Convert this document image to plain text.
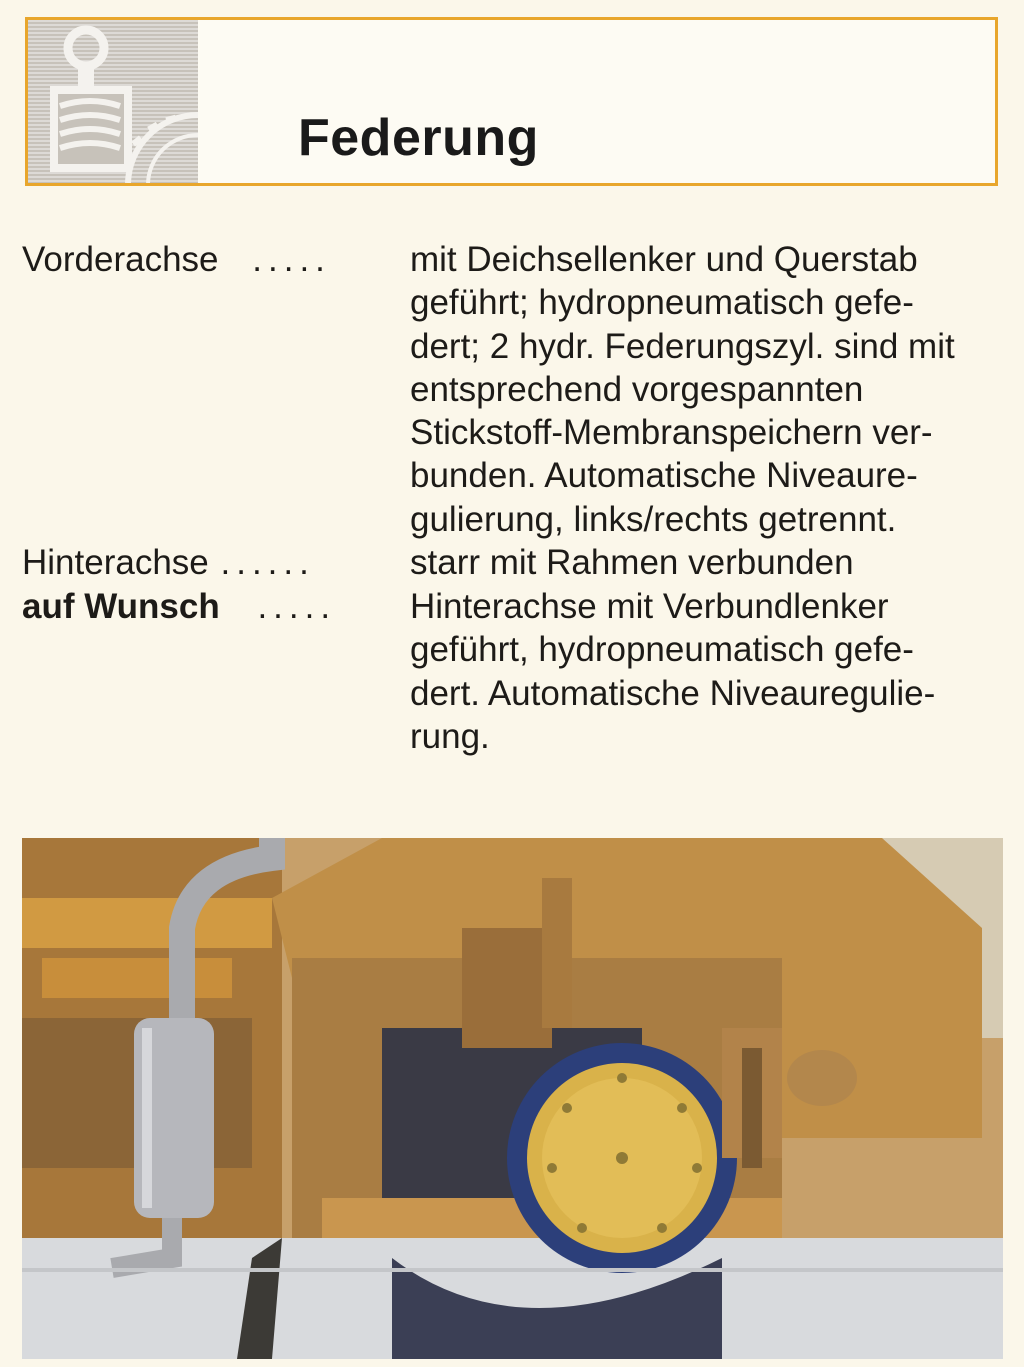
Federung
Vorderachse .....	mit Deichsellenker und Querstab
geführt; hydropneumatisch gefe-
dert; 2 hydr. Federungszyl. sind mit
entsprechend vorgespannten
Stickstoff-Membranspeichern ver-
bunden. Automatische Niveaure-
gulierung, links/rechts getrennt.
Hinterachse ......	starr mit Rahmen verbunden
auf Wunsch .....	Hinterachse mit Verbundlenker
geführt, hydropneumatisch gefe-
dert. Automatische Niveauregulie-
rung.
